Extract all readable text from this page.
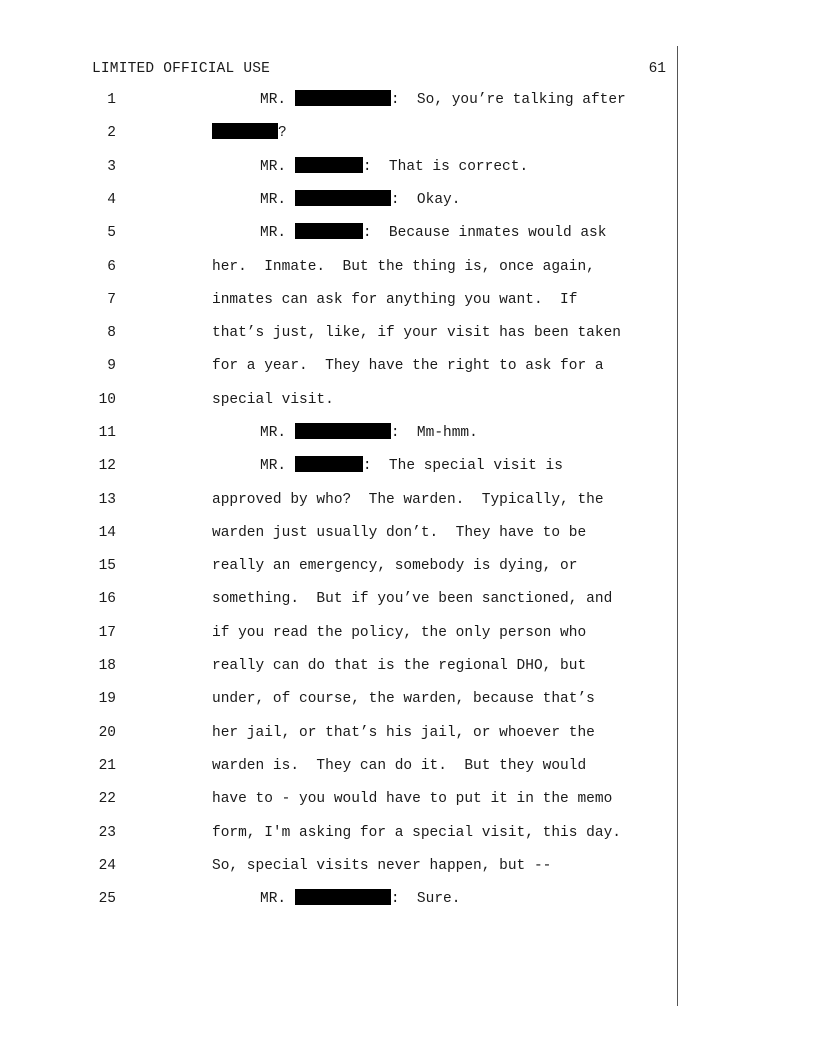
LIMITED OFFICIAL USE	61
1	MR.	:  So, you’re talking after
2	?
3	MR.	:  That is correct.
4	MR.	:  Okay.
5	MR.	:  Because inmates would ask
6	her.  Inmate.  But the thing is, once again,
7	inmates can ask for anything you want.  If
8	that’s just, like, if your visit has been taken
9	for a year.  They have the right to ask for a
10	special visit.
11	MR.	:  Mm-hmm.
12	MR.	:  The special visit is
13	approved by who?  The warden.  Typically, the
14	warden just usually don’t.  They have to be
15	really an emergency, somebody is dying, or
16	something.  But if you’ve been sanctioned, and
17	if you read the policy, the only person who
18	really can do that is the regional DHO, but
19	under, of course, the warden, because that’s
20	her jail, or that’s his jail, or whoever the
21	warden is.  They can do it.  But they would
22	have to - you would have to put it in the memo
23	form, I'm asking for a special visit, this day.
24	So, special visits never happen, but --
25	MR.	:  Sure.
